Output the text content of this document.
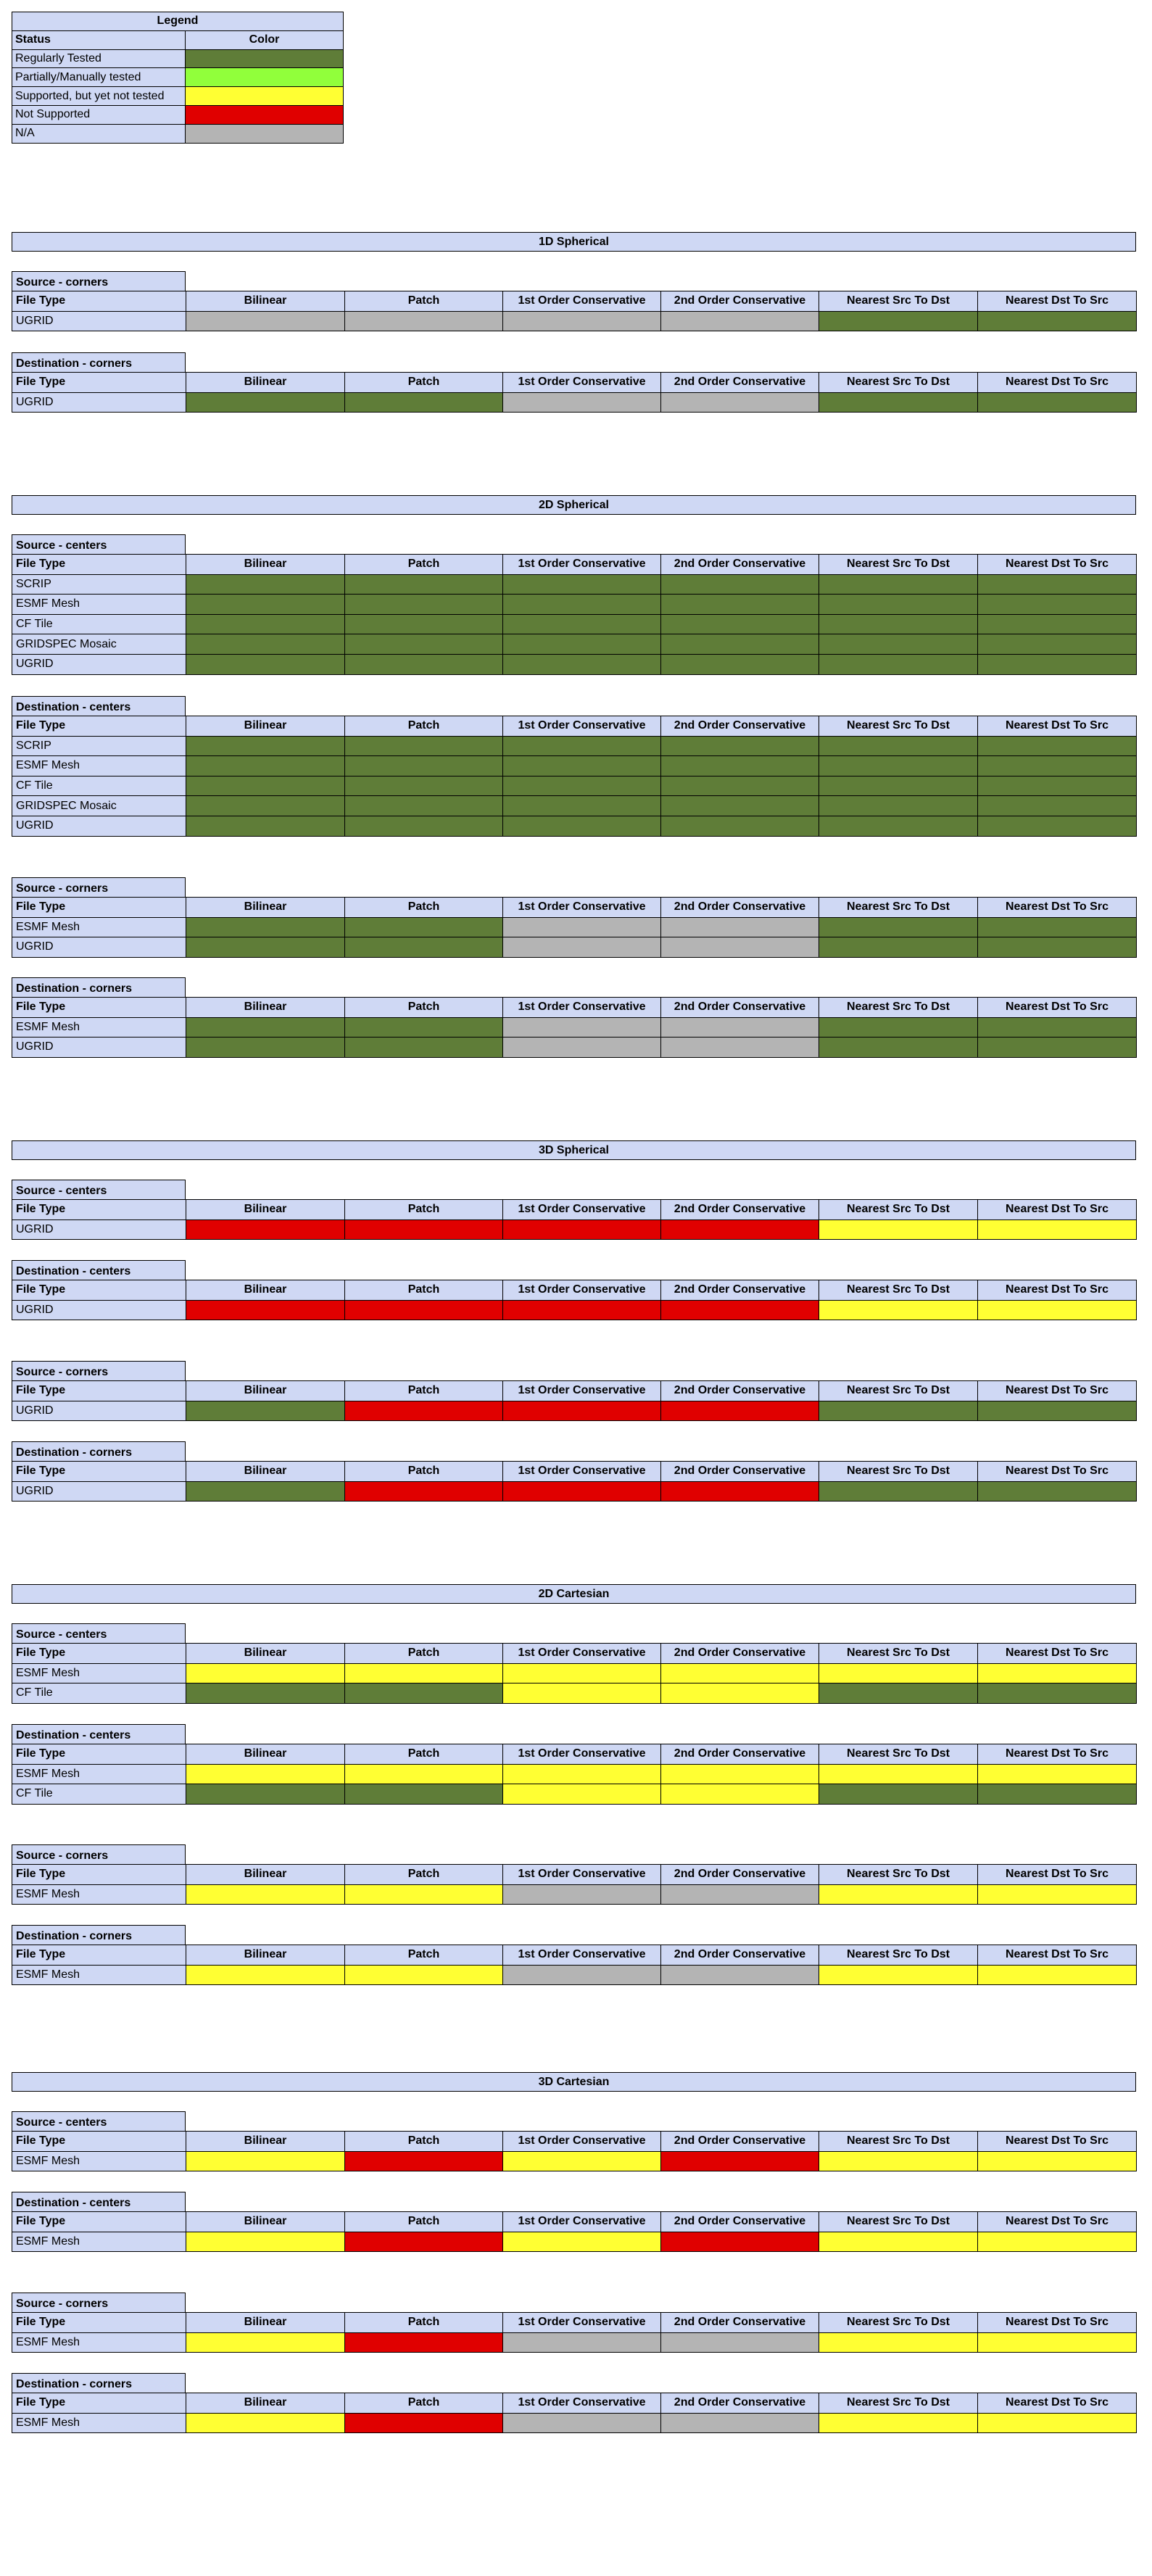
Legend	
Status	Color
Regularly Tested	
Partially/Manually tested	
Supported, but yet not tested	
Not Supported	
N/A	
1D Spherical
Source - corners
File Type	Bilinear	Patch	1st Order Conservative	2nd Order Conservative	Nearest Src To Dst	Nearest Dst To Src
UGRID						
Destination - corners
File Type	Bilinear	Patch	1st Order Conservative	2nd Order Conservative	Nearest Src To Dst	Nearest Dst To Src
UGRID						
2D Spherical
Source - centers
File Type	Bilinear	Patch	1st Order Conservative	2nd Order Conservative	Nearest Src To Dst	Nearest Dst To Src
SCRIP						
ESMF Mesh						
CF Tile						
GRIDSPEC Mosaic						
UGRID						
Destination - centers
File Type	Bilinear	Patch	1st Order Conservative	2nd Order Conservative	Nearest Src To Dst	Nearest Dst To Src
SCRIP						
ESMF Mesh						
CF Tile						
GRIDSPEC Mosaic						
UGRID						
Source - corners
File Type	Bilinear	Patch	1st Order Conservative	2nd Order Conservative	Nearest Src To Dst	Nearest Dst To Src
ESMF Mesh						
UGRID						
Destination - corners
File Type	Bilinear	Patch	1st Order Conservative	2nd Order Conservative	Nearest Src To Dst	Nearest Dst To Src
ESMF Mesh						
UGRID						
3D Spherical
Source - centers
File Type	Bilinear	Patch	1st Order Conservative	2nd Order Conservative	Nearest Src To Dst	Nearest Dst To Src
UGRID						
Destination - centers
File Type	Bilinear	Patch	1st Order Conservative	2nd Order Conservative	Nearest Src To Dst	Nearest Dst To Src
UGRID						
Source - corners
File Type	Bilinear	Patch	1st Order Conservative	2nd Order Conservative	Nearest Src To Dst	Nearest Dst To Src
UGRID						
Destination - corners
File Type	Bilinear	Patch	1st Order Conservative	2nd Order Conservative	Nearest Src To Dst	Nearest Dst To Src
UGRID						
2D Cartesian
Source - centers
File Type	Bilinear	Patch	1st Order Conservative	2nd Order Conservative	Nearest Src To Dst	Nearest Dst To Src
ESMF Mesh						
CF Tile						
Destination - centers
File Type	Bilinear	Patch	1st Order Conservative	2nd Order Conservative	Nearest Src To Dst	Nearest Dst To Src
ESMF Mesh						
CF Tile						
Source - corners
File Type	Bilinear	Patch	1st Order Conservative	2nd Order Conservative	Nearest Src To Dst	Nearest Dst To Src
ESMF Mesh						
Destination - corners
File Type	Bilinear	Patch	1st Order Conservative	2nd Order Conservative	Nearest Src To Dst	Nearest Dst To Src
ESMF Mesh						
3D Cartesian
Source - centers
File Type	Bilinear	Patch	1st Order Conservative	2nd Order Conservative	Nearest Src To Dst	Nearest Dst To Src
ESMF Mesh						
Destination - centers
File Type	Bilinear	Patch	1st Order Conservative	2nd Order Conservative	Nearest Src To Dst	Nearest Dst To Src
ESMF Mesh						
Source - corners
File Type	Bilinear	Patch	1st Order Conservative	2nd Order Conservative	Nearest Src To Dst	Nearest Dst To Src
ESMF Mesh						
Destination - corners
File Type	Bilinear	Patch	1st Order Conservative	2nd Order Conservative	Nearest Src To Dst	Nearest Dst To Src
ESMF Mesh						
